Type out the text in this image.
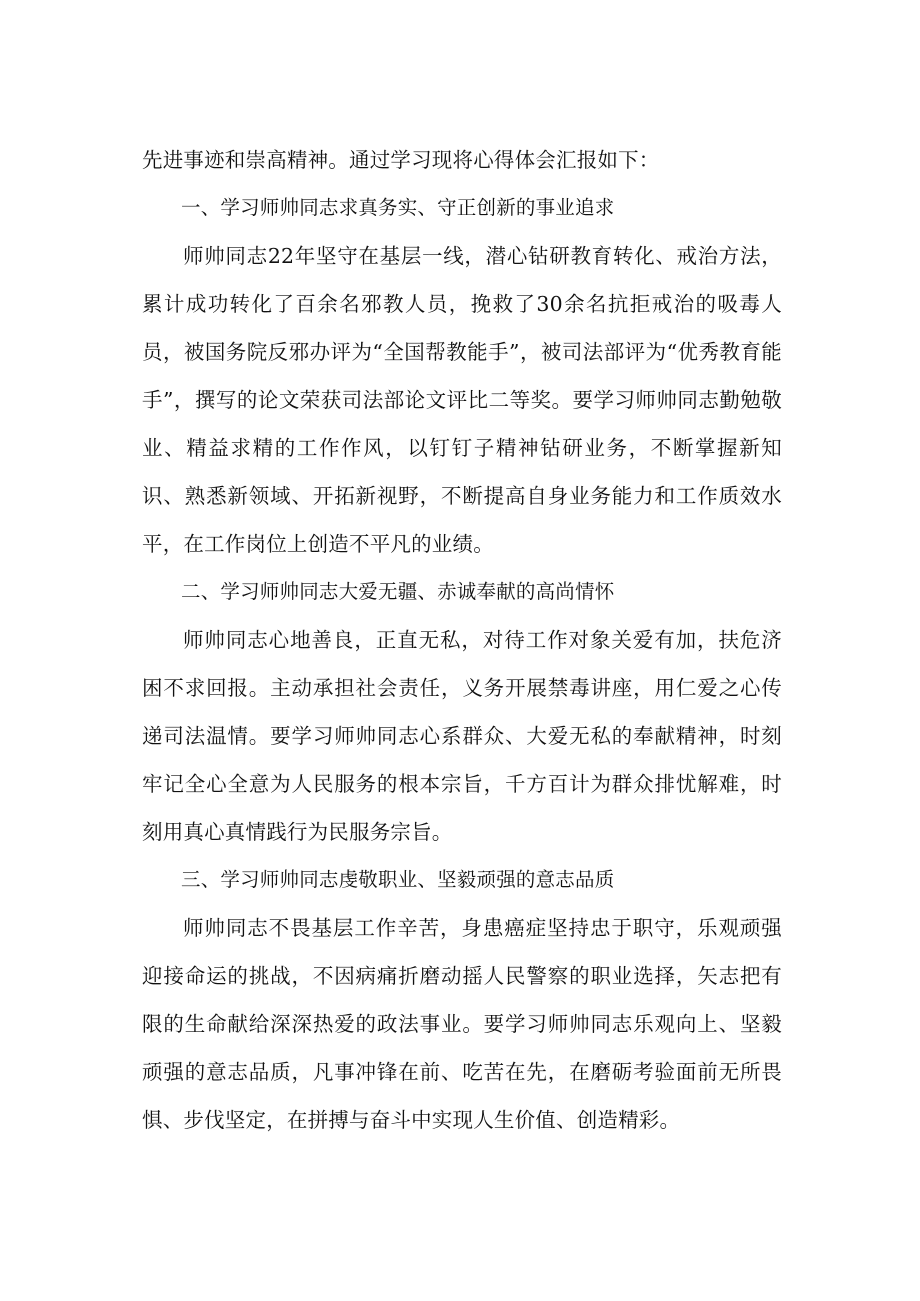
先进事迹和崇高精神。通过学习现将心得体会汇报如下：

一、学习师帅同志求真务实、守正创新的事业追求

师帅同志22年坚守在基层一线，潜心钻研教育转化、戒治方法，累计成功转化了百余名邪教人员，挽救了30余名抗拒戒治的吸毒人员，被国务院反邪办评为“全国帮教能手”，被司法部评为“优秀教育能手”，撰写的论文荣获司法部论文评比二等奖。要学习师帅同志勤勉敬业、精益求精的工作作风，以钉钉子精神钻研业务，不断掌握新知识、熟悉新领域、开拓新视野，不断提高自身业务能力和工作质效水平，在工作岗位上创造不平凡的业绩。

二、学习师帅同志大爱无疆、赤诚奉献的高尚情怀

师帅同志心地善良，正直无私，对待工作对象关爱有加，扶危济困不求回报。主动承担社会责任，义务开展禁毒讲座，用仁爱之心传递司法温情。要学习师帅同志心系群众、大爱无私的奉献精神，时刻牢记全心全意为人民服务的根本宗旨，千方百计为群众排忧解难，时刻用真心真情践行为民服务宗旨。

三、学习师帅同志虔敬职业、坚毅顽强的意志品质

师帅同志不畏基层工作辛苦，身患癌症坚持忠于职守，乐观顽强迎接命运的挑战，不因病痛折磨动摇人民警察的职业选择，矢志把有限的生命献给深深热爱的政法事业。要学习师帅同志乐观向上、坚毅顽强的意志品质，凡事冲锋在前、吃苦在先，在磨砺考验面前无所畏惧、步伐坚定，在拼搏与奋斗中实现人生价值、创造精彩。
